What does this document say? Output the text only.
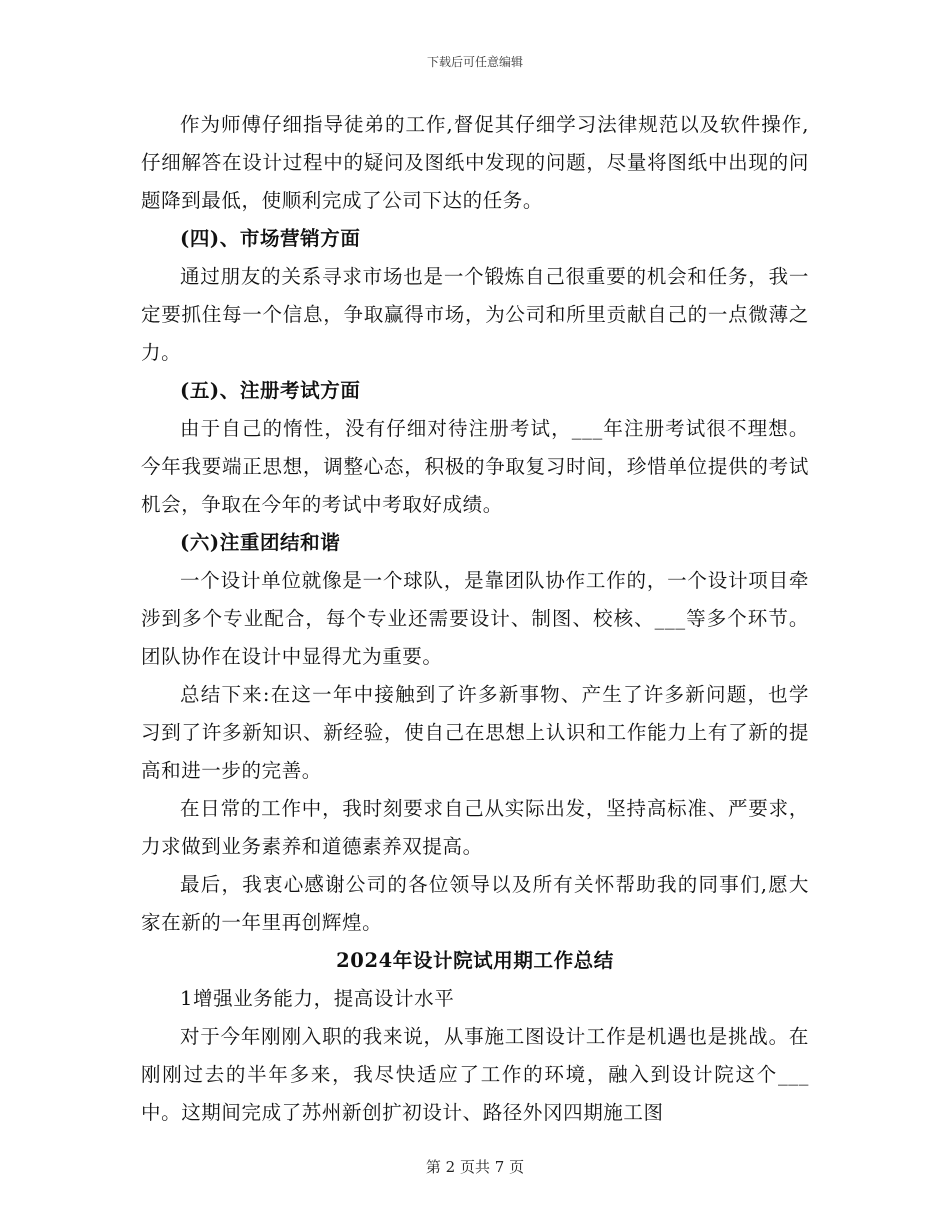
下载后可任意编辑

作为师傅仔细指导徒弟的工作,督促其仔细学习法律规范以及软件操作,仔细解答在设计过程中的疑问及图纸中发现的问题，尽量将图纸中出现的问题降到最低，使顺利完成了公司下达的任务。

(四)、市场营销方面

通过朋友的关系寻求市场也是一个锻炼自己很重要的机会和任务，我一定要抓住每一个信息，争取赢得市场，为公司和所里贡献自己的一点微薄之力。

(五)、注册考试方面

由于自己的惰性，没有仔细对待注册考试，___年注册考试很不理想。今年我要端正思想，调整心态，积极的争取复习时间，珍惜单位提供的考试机会，争取在今年的考试中考取好成绩。

(六)注重团结和谐

一个设计单位就像是一个球队，是靠团队协作工作的，一个设计项目牵涉到多个专业配合，每个专业还需要设计、制图、校核、___等多个环节。团队协作在设计中显得尤为重要。

总结下来:在这一年中接触到了许多新事物、产生了许多新问题，也学习到了许多新知识、新经验，使自己在思想上认识和工作能力上有了新的提高和进一步的完善。

在日常的工作中，我时刻要求自己从实际出发，坚持高标准、严要求，力求做到业务素养和道德素养双提高。

最后，我衷心感谢公司的各位领导以及所有关怀帮助我的同事们,愿大家在新的一年里再创辉煌。

2024年设计院试用期工作总结

1增强业务能力，提高设计水平

对于今年刚刚入职的我来说，从事施工图设计工作是机遇也是挑战。在刚刚过去的半年多来，我尽快适应了工作的环境，融入到设计院这个___中。这期间完成了苏州新创扩初设计、路径外冈四期施工图

第 2 页共 7 页
